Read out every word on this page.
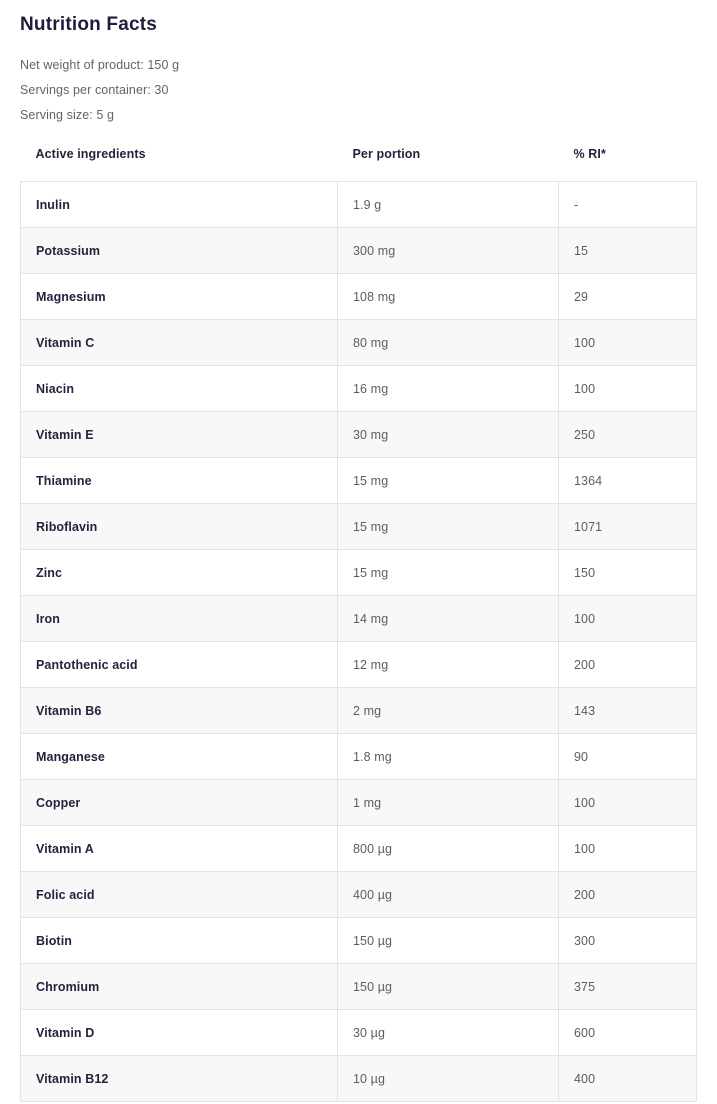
Nutrition Facts

Net weight of product: 150 g

Servings per container: 30

Serving size: 5 g

Active ingredients	Per portion	% RI*
Inulin	1.9 g	-
Potassium	300 mg	15
Magnesium	108 mg	29
Vitamin C	80 mg	100
Niacin	16 mg	100
Vitamin E	30 mg	250
Thiamine	15 mg	1364
Riboflavin	15 mg	1071
Zinc	15 mg	150
Iron	14 mg	100
Pantothenic acid	12 mg	200
Vitamin B6	2 mg	143
Manganese	1.8 mg	90
Copper	1 mg	100
Vitamin A	800 µg	100
Folic acid	400 µg	200
Biotin	150 µg	300
Chromium	150 µg	375
Vitamin D	30 µg	600
Vitamin B12	10 µg	400
